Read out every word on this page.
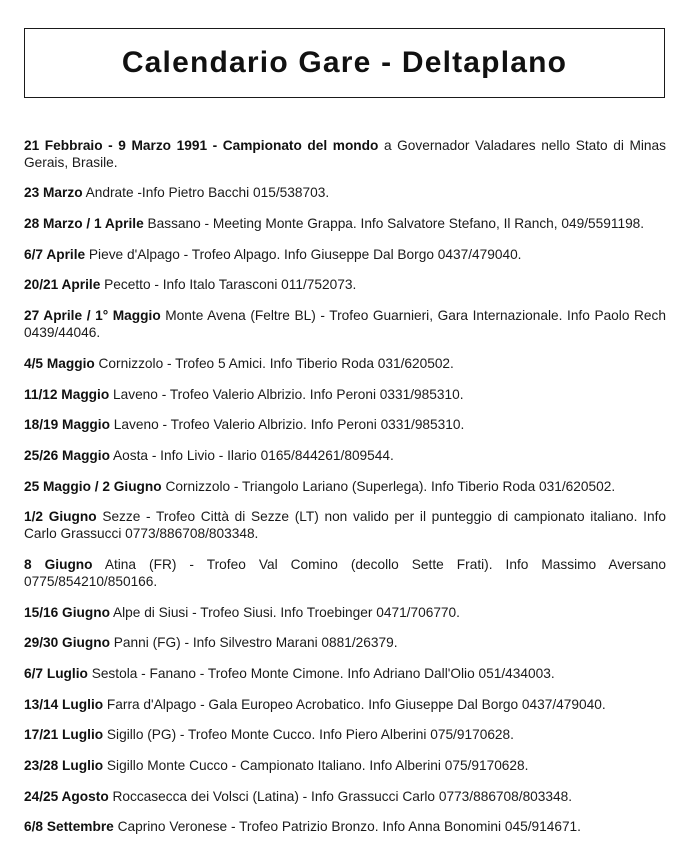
Calendario Gare - Deltaplano

21 Febbraio - 9 Marzo 1991 - Campionato del mondo a Governador Valadares nello Stato di Minas Gerais, Brasile.

23 Marzo Andrate -Info Pietro Bacchi 015/538703.

28 Marzo / 1 Aprile Bassano - Meeting Monte Grappa. Info Salvatore Stefano, Il Ranch, 049/5591198.

6/7 Aprile Pieve d'Alpago - Trofeo Alpago. Info Giuseppe Dal Borgo 0437/479040.

20/21 Aprile Pecetto - Info Italo Tarasconi 011/752073.

27 Aprile / 1° Maggio Monte Avena (Feltre BL) - Trofeo Guarnieri, Gara Internazionale. Info Paolo Rech 0439/44046.

4/5 Maggio Cornizzolo - Trofeo 5 Amici. Info Tiberio Roda 031/620502.

11/12 Maggio Laveno - Trofeo Valerio Albrizio. Info Peroni 0331/985310.

18/19 Maggio Laveno - Trofeo Valerio Albrizio. Info Peroni 0331/985310.

25/26 Maggio Aosta - Info Livio - Ilario 0165/844261/809544.

25 Maggio / 2 Giugno Cornizzolo - Triangolo Lariano (Superlega). Info Tiberio Roda 031/620502.

1/2 Giugno Sezze - Trofeo Città di Sezze (LT) non valido per il punteggio di campionato italiano. Info Carlo Grassucci 0773/886708/803348.

8 Giugno Atina (FR) - Trofeo Val Comino (decollo Sette Frati). Info Massimo Aversano 0775/854210/850166.

15/16 Giugno Alpe di Siusi - Trofeo Siusi. Info Troebinger 0471/706770.

29/30 Giugno Panni (FG) - Info Silvestro Marani 0881/26379.

6/7 Luglio Sestola - Fanano - Trofeo Monte Cimone. Info Adriano Dall'Olio 051/434003.

13/14 Luglio Farra d'Alpago - Gala Europeo Acrobatico. Info Giuseppe Dal Borgo 0437/479040.

17/21 Luglio Sigillo (PG) - Trofeo Monte Cucco. Info Piero Alberini 075/9170628.

23/28 Luglio Sigillo Monte Cucco - Campionato Italiano. Info Alberini 075/9170628.

24/25 Agosto Roccasecca dei Volsci (Latina) - Info Grassucci Carlo 0773/886708/803348.

6/8 Settembre Caprino Veronese - Trofeo Patrizio Bronzo. Info Anna Bonomini 045/914671.
